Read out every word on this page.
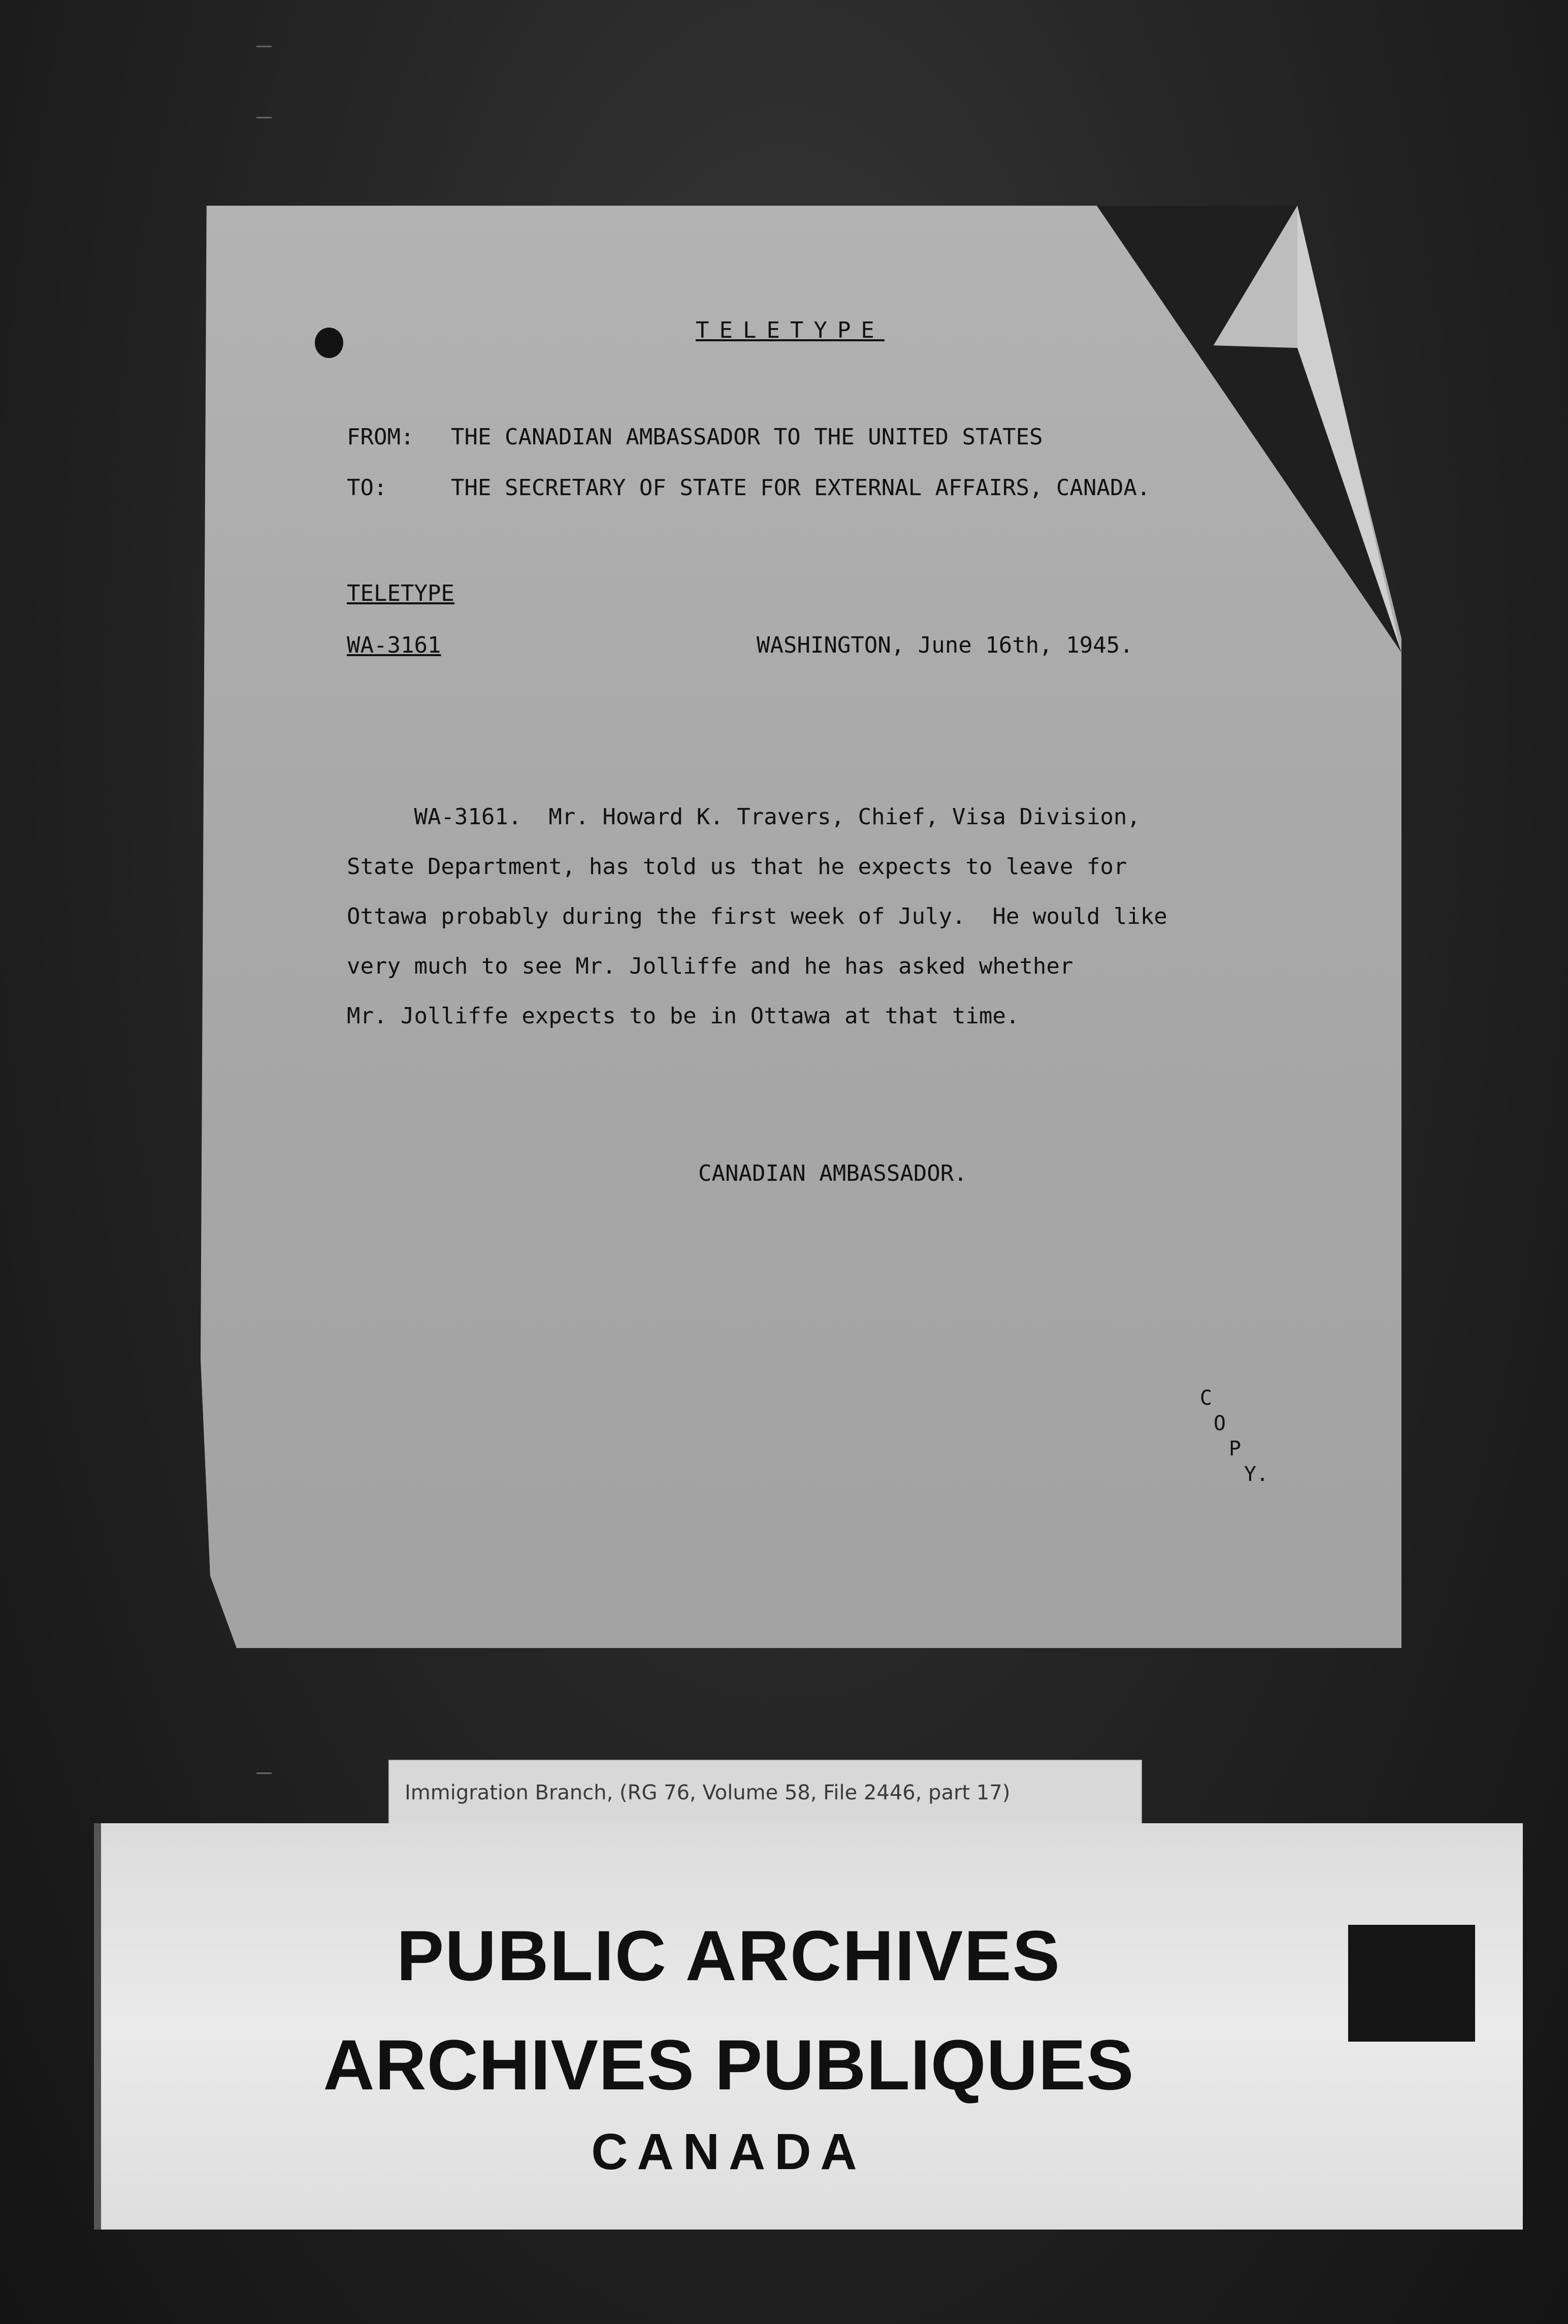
TELETYPE
FROM: THE CANADIAN AMBASSADOR TO THE UNITED STATES
TO:	THE SECRETARY OF STATE FOR EXTERNAL AFFAIRS, CANADA.
TELETYPE
WA-3161	WASHINGTON, June 16th, 1945.
WA-3161.  Mr. Howard K. Travers, Chief, Visa Division,
State Department, has told us that he expects to leave for
Ottawa probably during the first week of July.  He would like
very much to see Mr. Jolliffe and he has asked whether
Mr. Jolliffe expects to be in Ottawa at that time.
CANADIAN AMBASSADOR.
C
O
P
Y.
Immigration Branch, (RG 76, Volume 58, File 2446, part 17)
PUBLIC ARCHIVES
ARCHIVES PUBLIQUES
CANADA
